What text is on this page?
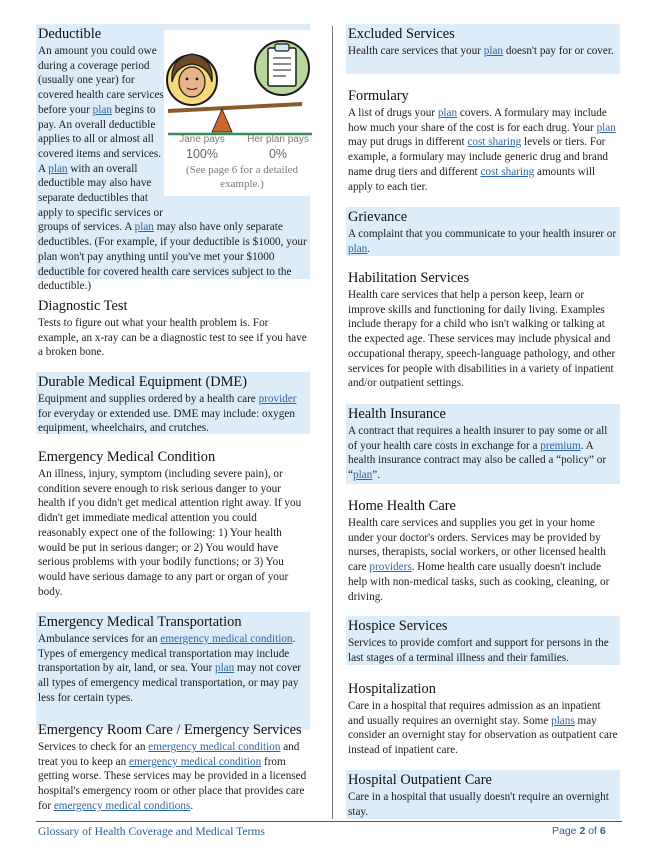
Deductible
Jane pays
100%
Her plan pays
0%
(See page 6 for a detailed example.)
An amount you could owe during a coverage period (usually one year) for covered health care services before your plan begins to pay. An overall deductible applies to all or almost all covered items and services. A plan with an overall deductible may also have separate deductibles that apply to specific services or groups of services. A plan may also have only separate deductibles. (For example, if your deductible is $1000, your plan won't pay anything until you've met your $1000 deductible for covered health care services subject to the deductible.)
Diagnostic Test
Tests to figure out what your health problem is. For example, an x-ray can be a diagnostic test to see if you have a broken bone.
Durable Medical Equipment (DME)
Equipment and supplies ordered by a health care provider for everyday or extended use. DME may include: oxygen equipment, wheelchairs, and crutches.
Emergency Medical Condition
An illness, injury, symptom (including severe pain), or condition severe enough to risk serious danger to your health if you didn't get medical attention right away. If you didn't get immediate medical attention you could reasonably expect one of the following: 1) Your health would be put in serious danger; or 2) You would have serious problems with your bodily functions; or 3) You would have serious damage to any part or organ of your body.
Emergency Medical Transportation
Ambulance services for an emergency medical condition. Types of emergency medical transportation may include transportation by air, land, or sea. Your plan may not cover all types of emergency medical transportation, or may pay less for certain types.
Emergency Room Care / Emergency Services
Services to check for an emergency medical condition and treat you to keep an emergency medical condition from getting worse. These services may be provided in a licensed hospital's emergency room or other place that provides care for emergency medical conditions.
Excluded Services
Health care services that your plan doesn't pay for or cover.
Formulary
A list of drugs your plan covers. A formulary may include how much your share of the cost is for each drug. Your plan may put drugs in different cost sharing levels or tiers. For example, a formulary may include generic drug and brand name drug tiers and different cost sharing amounts will apply to each tier.
Grievance
A complaint that you communicate to your health insurer or plan.
Habilitation Services
Health care services that help a person keep, learn or improve skills and functioning for daily living. Examples include therapy for a child who isn't walking or talking at the expected age. These services may include physical and occupational therapy, speech-language pathology, and other services for people with disabilities in a variety of inpatient and/or outpatient settings.
Health Insurance
A contract that requires a health insurer to pay some or all of your health care costs in exchange for a premium. A health insurance contract may also be called a “policy” or “plan”.
Home Health Care
Health care services and supplies you get in your home under your doctor's orders. Services may be provided by nurses, therapists, social workers, or other licensed health care providers. Home health care usually doesn't include help with non-medical tasks, such as cooking, cleaning, or driving.
Hospice Services
Services to provide comfort and support for persons in the last stages of a terminal illness and their families.
Hospitalization
Care in a hospital that requires admission as an inpatient and usually requires an overnight stay. Some plans may consider an overnight stay for observation as outpatient care instead of inpatient care.
Hospital Outpatient Care
Care in a hospital that usually doesn't require an overnight stay.
Glossary of Health Coverage and Medical Terms	Page 2 of 6
